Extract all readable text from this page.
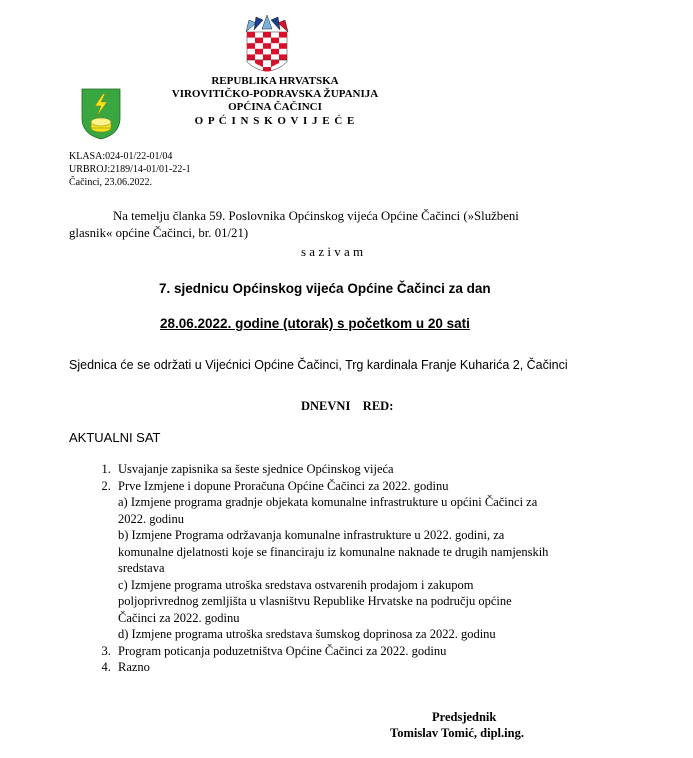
REPUBLIKA HRVATSKA
VIROVITIČKO-PODRAVSKA ŽUPANIJA
OPĆINA ČAČINCI
O P Ć I N S K O V I J E Ć E
KLASA:024-01/22-01/04
URBROJ:2189/14-01/01-22-1
Čačinci, 23.06.2022.
Na temelju članka 59. Poslovnika Općinskog vijeća Općine Čačinci (»Službeni
glasnik« općine Čačinci, br. 01/21)
s a z i v a m
7. sjednicu Općinskog vijeća Općine Čačinci za dan
28.06.2022. godine (utorak) s početkom u 20 sati
Sjednica će se održati u Vijećnici Općine Čačinci, Trg kardinala Franje Kuharića 2, Čačinci
DNEVNI    RED:
AKTUALNI SAT
1. Usvajanje zapisnika sa šeste sjednice Općinskog vijeća
2. Prve Izmjene i dopune Proračuna Općine Čačinci za 2022. godinu
a) Izmjene programa gradnje objekata komunalne infrastrukture u općini Čačinci za
2022. godinu
b) Izmjene Programa održavanja komunalne infrastrukture u 2022. godini, za
komunalne djelatnosti koje se financiraju iz komunalne naknade te drugih namjenskih
sredstava
c) Izmjene programa utroška sredstava ostvarenih prodajom i zakupom
poljoprivrednog zemljišta u vlasništvu Republike Hrvatske na području općine
Čačinci za 2022. godinu
d) Izmjene programa utroška sredstava šumskog doprinosa za 2022. godinu
3. Program poticanja poduzetništva Općine Čačinci za 2022. godinu
4. Razno
Predsjednik
Tomislav Tomić, dipl.ing.
